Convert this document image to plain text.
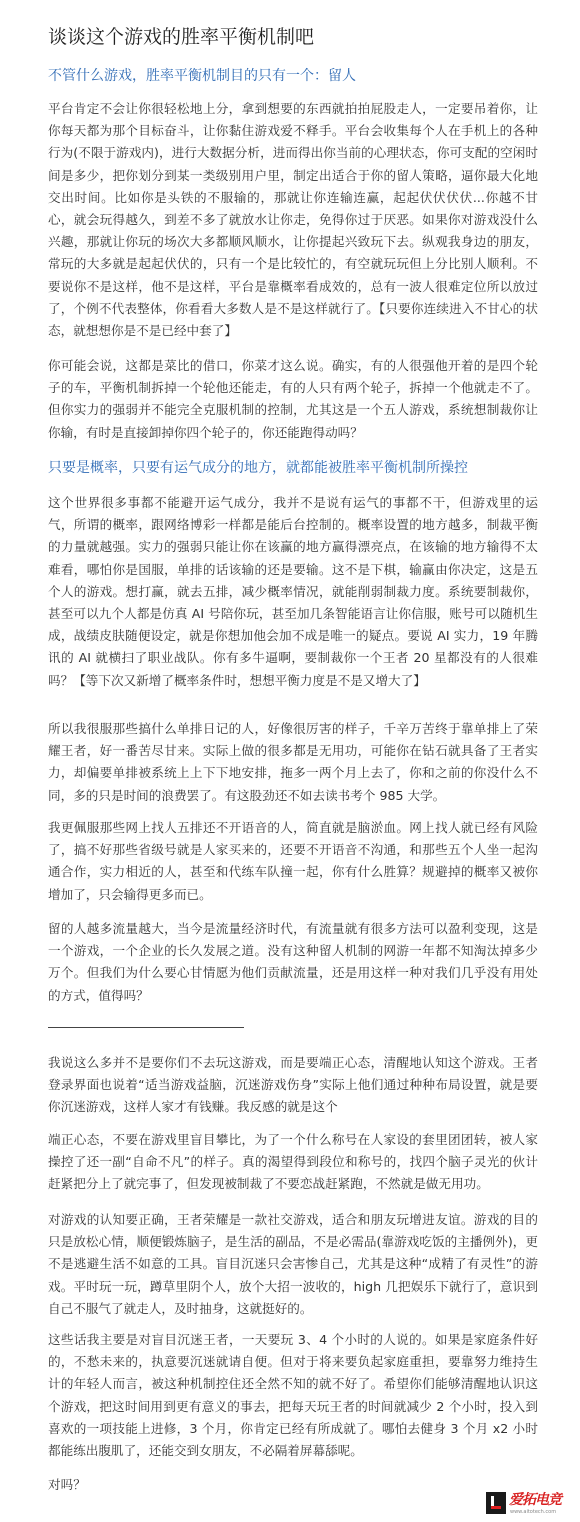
谈谈这个游戏的胜率平衡机制吧
不管什么游戏，胜率平衡机制目的只有一个：留人
平台肯定不会让你很轻松地上分，拿到想要的东西就拍拍屁股走人，一定要吊着你，让你每天都为那个目标奋斗，让你黏住游戏爱不释手。平台会收集每个人在手机上的各种行为(不限于游戏内)，进行大数据分析，进而得出你当前的心理状态，你可支配的空闲时间是多少，把你划分到某一类级别用户里，制定出适合于你的留人策略，逼你最大化地交出时间。比如你是头铁的不服输的，那就让你连输连赢，起起伏伏伏伏...你越不甘心，就会玩得越久，到差不多了就放水让你走，免得你过于厌恶。如果你对游戏没什么兴趣，那就让你玩的场次大多都顺风顺水，让你提起兴致玩下去。纵观我身边的朋友，常玩的大多就是起起伏伏的，只有一个是比较忙的，有空就玩玩但上分比别人顺利。不要说你不是这样，他不是这样，平台是靠概率看成效的，总有一波人很难定位所以放过了，个例不代表整体，你看看大多数人是不是这样就行了。【只要你连续进入不甘心的状态，就想想你是不是已经中套了】
你可能会说，这都是菜比的借口，你菜才这么说。确实，有的人很强他开着的是四个轮子的车，平衡机制拆掉一个轮他还能走，有的人只有两个轮子，拆掉一个他就走不了。但你实力的强弱并不能完全克服机制的控制，尤其这是一个五人游戏，系统想制裁你让你输，有时是直接卸掉你四个轮子的，你还能跑得动吗？
只要是概率，只要有运气成分的地方，就都能被胜率平衡机制所操控
这个世界很多事都不能避开运气成分，我并不是说有运气的事都不干，但游戏里的运气，所谓的概率，跟网络博彩一样都是能后台控制的。概率设置的地方越多，制裁平衡的力量就越强。实力的强弱只能让你在该赢的地方赢得漂亮点，在该输的地方输得不太难看，哪怕你是国服，单排的话该输的还是要输。这不是下棋，输赢由你决定，这是五个人的游戏。想打赢，就去五排，减少概率情况，就能削弱制裁力度。系统要制裁你，甚至可以九个人都是仿真 AI 号陪你玩，甚至加几条智能语言让你信服，账号可以随机生成，战绩皮肤随便设定，就是你想加他会加不成是唯一的疑点。要说 AI 实力，19 年腾讯的 AI 就横扫了职业战队。你有多牛逼啊，要制裁你一个王者 20 星都没有的人很难吗？【等下次又新增了概率条件时，想想平衡力度是不是又增大了】
所以我很服那些搞什么单排日记的人，好像很厉害的样子，千辛万苦终于靠单排上了荣耀王者，好一番苦尽甘来。实际上做的很多都是无用功，可能你在钻石就具备了王者实力，却偏要单排被系统上上下下地安排，拖多一两个月上去了，你和之前的你没什么不同，多的只是时间的浪费罢了。有这股劲还不如去读书考个 985 大学。
我更佩服那些网上找人五排还不开语音的人，简直就是脑淤血。网上找人就已经有风险了，搞不好那些省级号就是人家买来的，还要不开语音不沟通，和那些五个人坐一起沟通合作，实力相近的人，甚至和代练车队撞一起，你有什么胜算？规避掉的概率又被你增加了，只会输得更多而已。
留的人越多流量越大，当今是流量经济时代，有流量就有很多方法可以盈利变现，这是一个游戏，一个企业的长久发展之道。没有这种留人机制的网游一年都不知淘汰掉多少万个。但我们为什么要心甘情愿为他们贡献流量，还是用这样一种对我们几乎没有用处的方式，值得吗？
我说这么多并不是要你们不去玩这游戏，而是要端正心态，清醒地认知这个游戏。王者登录界面也说着“适当游戏益脑，沉迷游戏伤身”实际上他们通过种种布局设置，就是要你沉迷游戏，这样人家才有钱赚。我反感的就是这个
端正心态，不要在游戏里盲目攀比，为了一个什么称号在人家设的套里团团转，被人家操控了还一副“自命不凡”的样子。真的渴望得到段位和称号的，找四个脑子灵光的伙计赶紧把分上了就完事了，但发现被制裁了不要恋战赶紧跑，不然就是做无用功。
对游戏的认知要正确，王者荣耀是一款社交游戏，适合和朋友玩增进友谊。游戏的目的只是放松心情，顺便锻炼脑子，是生活的副品，不是必需品(靠游戏吃饭的主播例外)，更不是逃避生活不如意的工具。盲目沉迷只会害惨自己，尤其是这种“成精了有灵性”的游戏。平时玩一玩，蹲草里阴个人，放个大招一波收的，high 几把娱乐下就行了，意识到自己不服气了就走人，及时抽身，这就挺好的。
这些话我主要是对盲目沉迷王者，一天要玩 3、4 个小时的人说的。如果是家庭条件好的，不愁未来的，执意要沉迷就请自便。但对于将来要负起家庭重担，要靠努力维持生计的年轻人而言，被这种机制控住还全然不知的就不好了。希望你们能够清醒地认识这个游戏，把这时间用到更有意义的事去，把每天玩王者的时间就减少 2 个小时，投入到喜欢的一项技能上进修，3 个月，你肯定已经有所成就了。哪怕去健身 3 个月 x2 小时都能练出腹肌了，还能交到女朋友，不必隔着屏幕舔呢。
对吗？
爱拓电竞
www.aitotech.com
